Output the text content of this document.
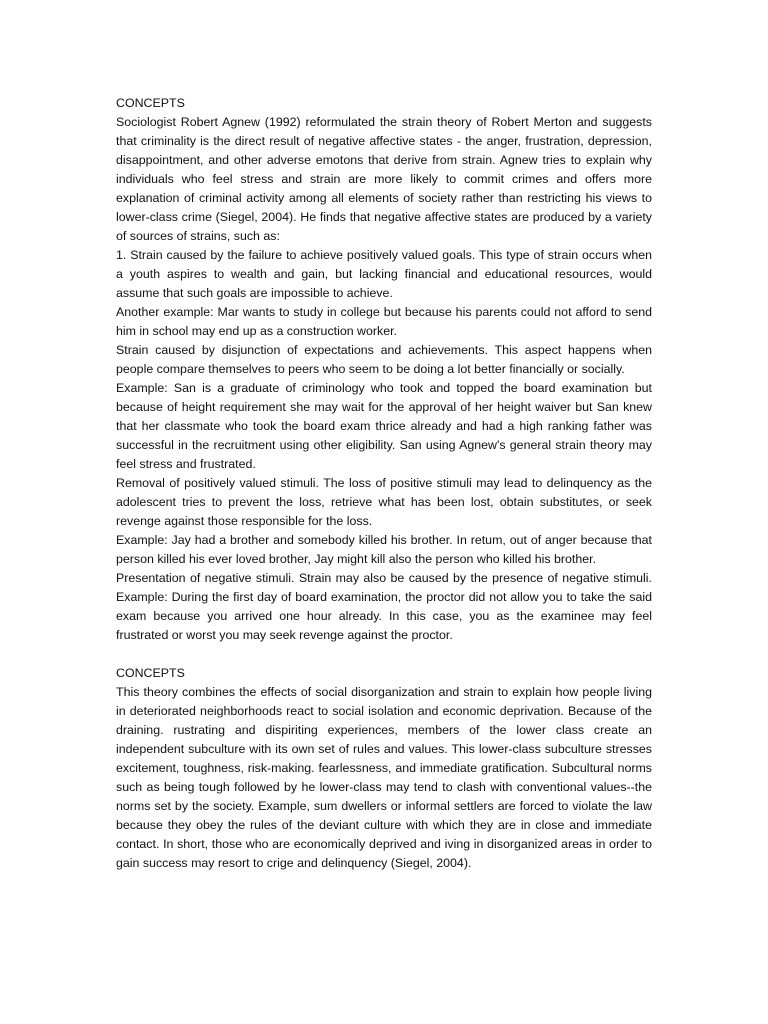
CONCEPTS

Sociologist Robert Agnew (1992) reformulated the strain theory of Robert Merton and suggests that criminality is the direct result of negative affective states - the anger, frustration, depression, disappointment, and other adverse emotons that derive from strain. Agnew tries to explain why individuals who feel stress and strain are more likely to commit crimes and offers more explanation of criminal activity among all elements of society rather than restricting his views to lower-class crime (Siegel, 2004). He finds that negative affective states are produced by a variety of sources of strains, such as:

1. Strain caused by the failure to achieve positively valued goals. This type of strain occurs when a youth aspires to wealth and gain, but lacking financial and educational resources, would assume that such goals are impossible to achieve.

Another example: Mar wants to study in college but because his parents could not afford to send him in school may end up as a construction worker.

Strain caused by disjunction of expectations and achievements. This aspect happens when people compare themselves to peers who seem to be doing a lot better financially or socially.

Example: San is a graduate of criminology who took and topped the board examination but because of height requirement she may wait for the approval of her height waiver but San knew that her classmate who took the board exam thrice already and had a high ranking father was successful in the recruitment using other eligibility. San using Agnew's general strain theory may feel stress and frustrated.

Removal of positively valued stimuli. The loss of positive stimuli may lead to delinquency as the adolescent tries to prevent the loss, retrieve what has been lost, obtain substitutes, or seek revenge against those responsible for the loss.

Example: Jay had a brother and somebody killed his brother. In retum, out of anger because that person killed his ever loved brother, Jay might kill also the person who killed his brother.

Presentation of negative stimuli. Strain may also be caused by the presence of negative stimuli. Example: During the first day of board examination, the proctor did not allow you to take the said exam because you arrived one hour already. In this case, you as the examinee may feel frustrated or worst you may seek revenge against the proctor.

CONCEPTS

This theory combines the effects of social disorganization and strain to explain how people living in deteriorated neighborhoods react to social isolation and economic deprivation. Because of the draining. rustrating and dispiriting experiences, members of the lower class create an independent subculture with its own set of rules and values. This lower-class subculture stresses excitement, toughness, risk-making. fearlessness, and immediate gratification. Subcultural norms such as being tough followed by he lower-class may tend to clash with conventional values--the norms set by the society. Example, sum dwellers or informal settlers are forced to violate the law because they obey the rules of the deviant culture with which they are in close and immediate contact. In short, those who are economically deprived and iving in disorganized areas in order to gain success may resort to crige and delinquency (Siegel, 2004).
